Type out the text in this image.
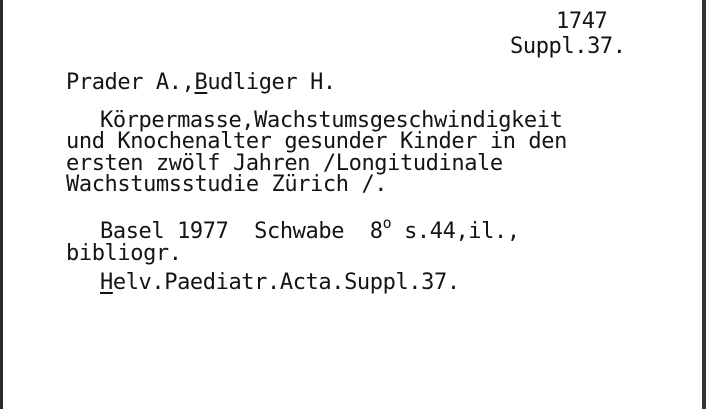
1747
Suppl.37.
Prader A.,Budliger H.
Körpermasse,Wachstumsgeschwindigkeit
und Knochenalter gesunder Kinder in den
ersten zwölf Jahren /Longitudinale
Wachstumsstudie Zürich /.
Basel 1977  Schwabe  8$^o$ s.44,il.,
bibliogr.
Helv.Paediatr.Acta.Suppl.37.
